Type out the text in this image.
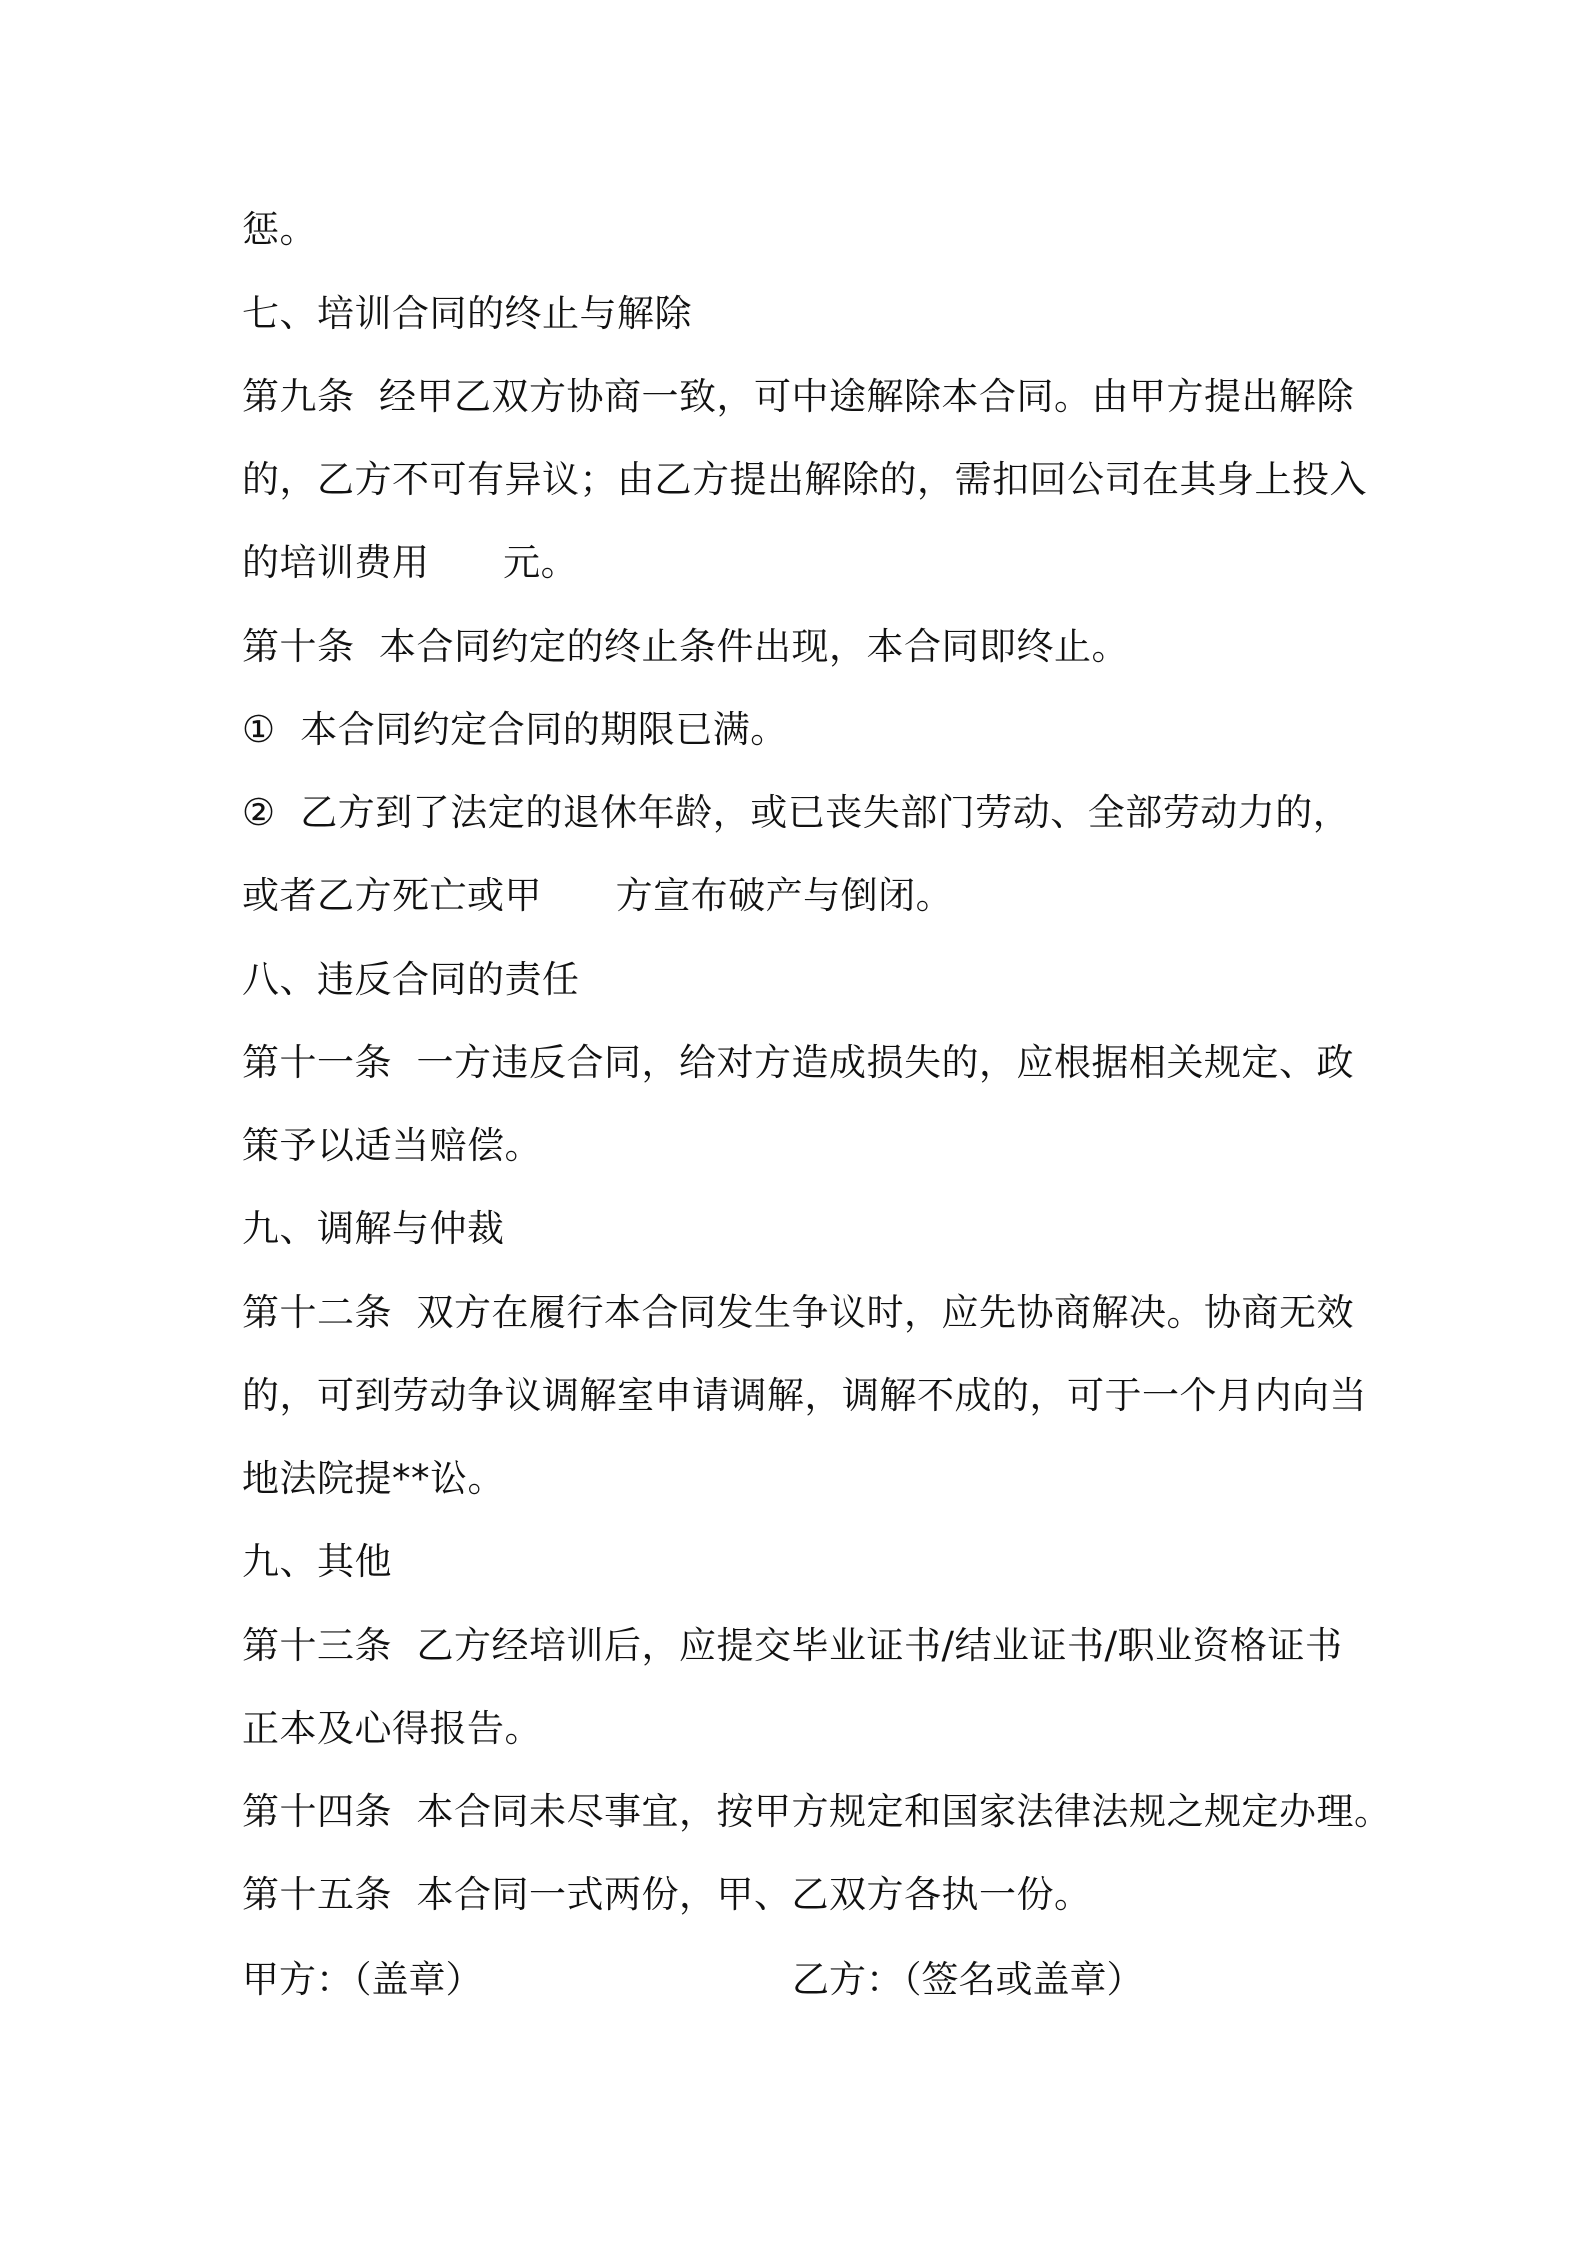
惩。
七、培训合同的终止与解除
第九条  经甲乙双方协商一致，可中途解除本合同。由甲方提出解除
的，乙方不可有异议；由乙方提出解除的，需扣回公司在其身上投入
的培训费用      元。
第十条  本合同约定的终止条件出现，本合同即终止。
①  本合同约定合同的期限已满。
②  乙方到了法定的退休年龄，或已丧失部门劳动、全部劳动力的，
或者乙方死亡或甲      方宣布破产与倒闭。
八、违反合同的责任
第十一条  一方违反合同，给对方造成损失的，应根据相关规定、政
策予以适当赔偿。
九、调解与仲裁
第十二条  双方在履行本合同发生争议时，应先协商解决。协商无效
的，可到劳动争议调解室申请调解，调解不成的，可于一个月内向当
地法院提**讼。
九、其他
第十三条  乙方经培训后，应提交毕业证书/结业证书/职业资格证书
正本及心得报告。
第十四条  本合同未尽事宜，按甲方规定和国家法律法规之规定办理。
第十五条  本合同一式两份，甲、乙双方各执一份。
甲方：（盖章）	乙方：（签名或盖章）
